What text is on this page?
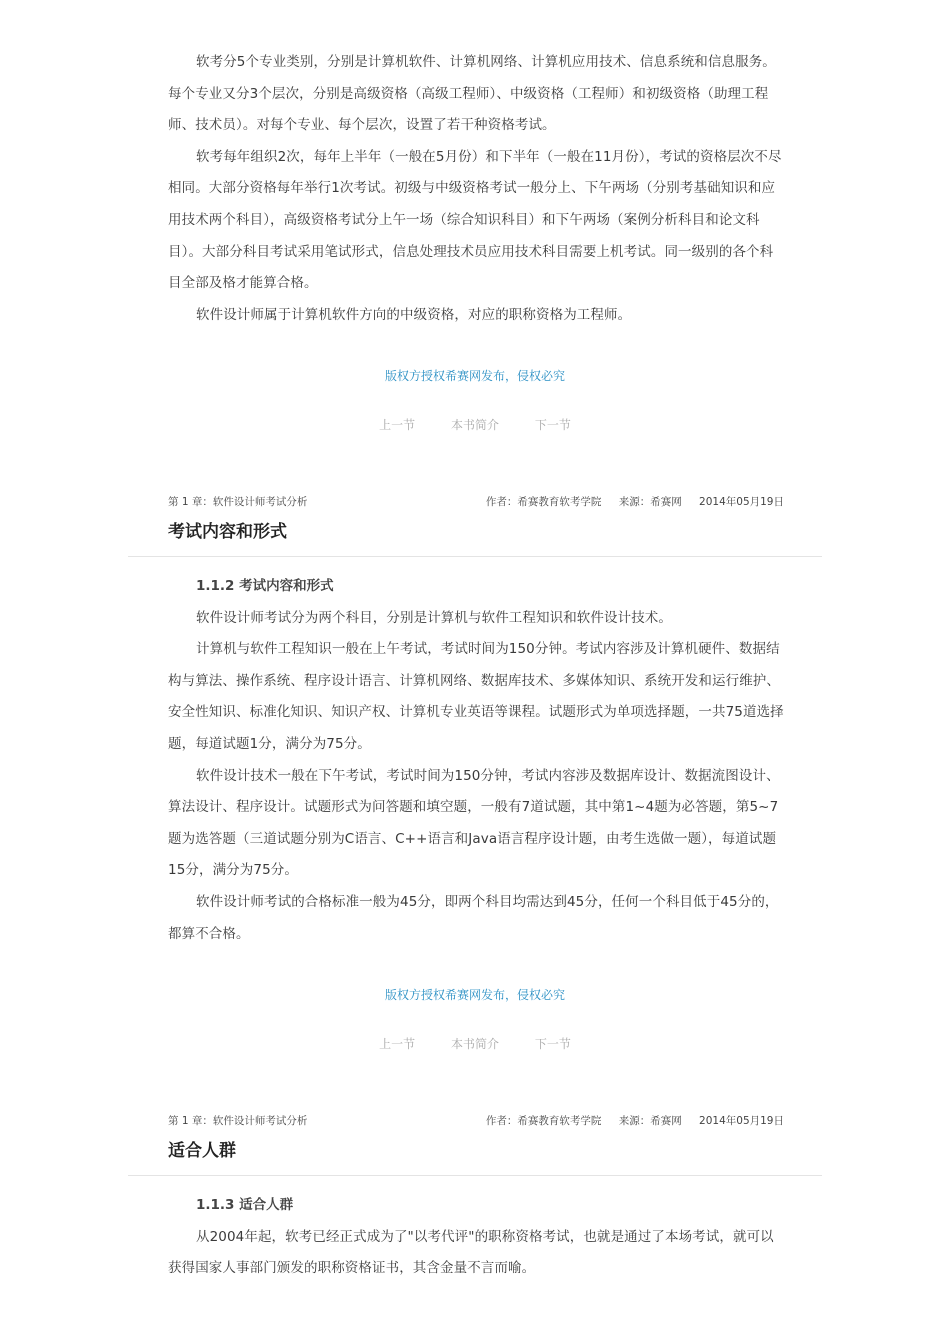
软考分5个专业类别，分别是计算机软件、计算机网络、计算机应用技术、信息系统和信息服务。每个专业又分3个层次，分别是高级资格（高级工程师）、中级资格（工程师）和初级资格（助理工程师、技术员）。对每个专业、每个层次，设置了若干种资格考试。

软考每年组织2次，每年上半年（一般在5月份）和下半年（一般在11月份），考试的资格层次不尽相同。大部分资格每年举行1次考试。初级与中级资格考试一般分上、下午两场（分别考基础知识和应用技术两个科目），高级资格考试分上午一场（综合知识科目）和下午两场（案例分析科目和论文科目）。大部分科目考试采用笔试形式，信息处理技术员应用技术科目需要上机考试。同一级别的各个科目全部及格才能算合格。

软件设计师属于计算机软件方向的中级资格，对应的职称资格为工程师。

版权方授权希赛网发布，侵权必究
上一节	本书简介	下一节
第 1 章：软件设计师考试分析	作者：希赛教育软考学院 来源：希赛网 2014年05月19日
考试内容和形式

1.1.2 考试内容和形式

软件设计师考试分为两个科目，分别是计算机与软件工程知识和软件设计技术。

计算机与软件工程知识一般在上午考试，考试时间为150分钟。考试内容涉及计算机硬件、数据结构与算法、操作系统、程序设计语言、计算机网络、数据库技术、多媒体知识、系统开发和运行维护、安全性知识、标准化知识、知识产权、计算机专业英语等课程。试题形式为单项选择题，一共75道选择题，每道试题1分，满分为75分。

软件设计技术一般在下午考试，考试时间为150分钟，考试内容涉及数据库设计、数据流图设计、算法设计、程序设计。试题形式为问答题和填空题，一般有7道试题，其中第1~4题为必答题，第5~7题为选答题（三道试题分别为C语言、C++语言和Java语言程序设计题，由考生选做一题），每道试题15分，满分为75分。

软件设计师考试的合格标准一般为45分，即两个科目均需达到45分，任何一个科目低于45分的，都算不合格。

版权方授权希赛网发布，侵权必究
上一节	本书简介	下一节
第 1 章：软件设计师考试分析	作者：希赛教育软考学院 来源：希赛网 2014年05月19日
适合人群

1.1.3 适合人群

从2004年起，软考已经正式成为了"以考代评"的职称资格考试，也就是通过了本场考试，就可以获得国家人事部门颁发的职称资格证书，其含金量不言而喻。
